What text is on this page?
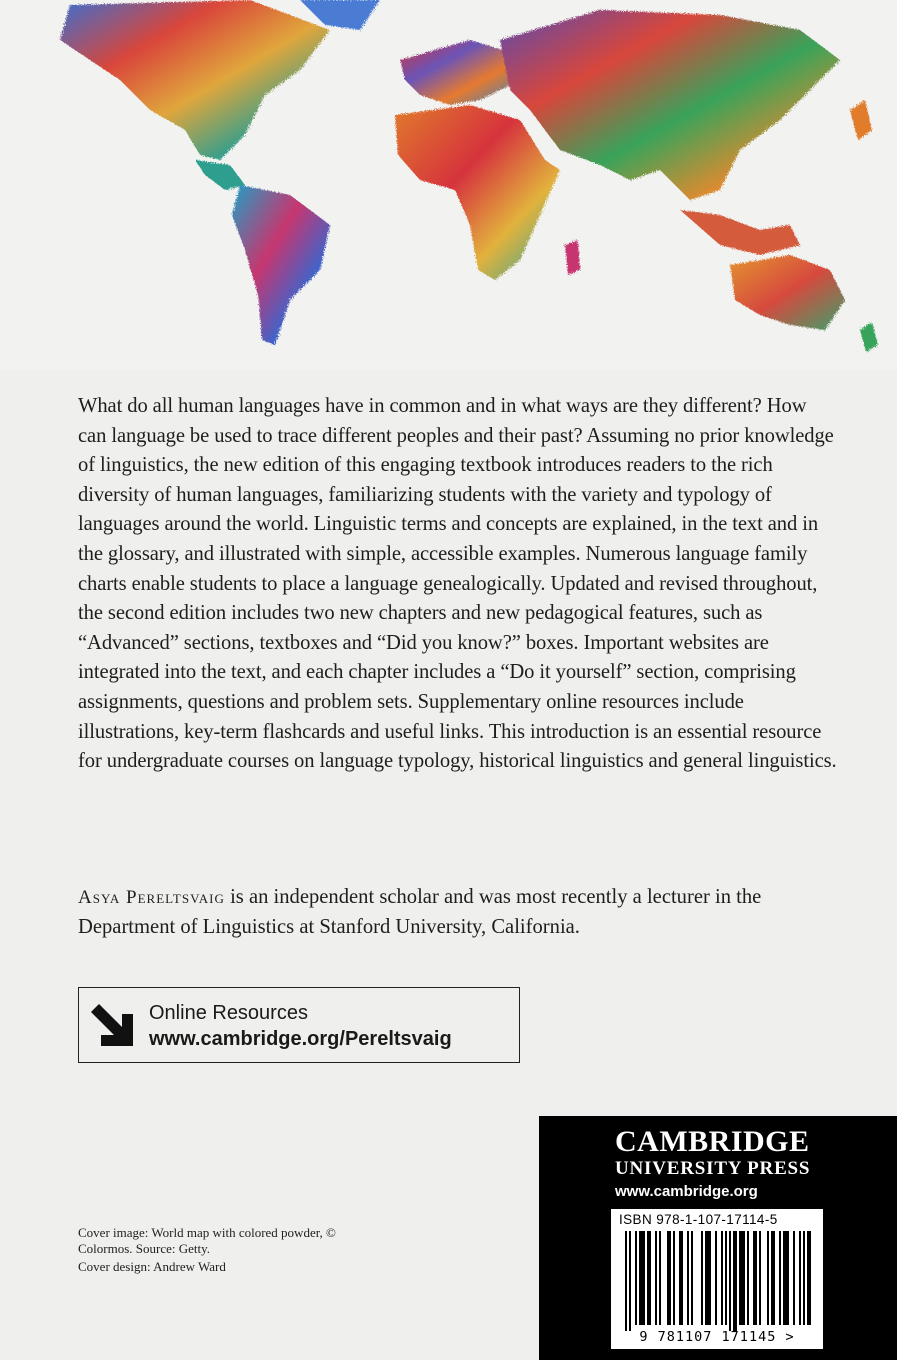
What do all human languages have in common and in what ways are they different? How can language be used to trace different peoples and their past? Assuming no prior knowledge of linguistics, the new edition of this engaging textbook introduces readers to the rich diversity of human languages, familiarizing students with the variety and typology of languages around the world. Linguistic terms and concepts are explained, in the text and in the glossary, and illustrated with simple, accessible examples. Numerous language family charts enable students to place a language genealogically. Updated and revised throughout, the second edition includes two new chapters and new pedagogical features, such as “Advanced” sections, textboxes and “Did you know?” boxes. Important websites are integrated into the text, and each chapter includes a “Do it yourself” section, comprising assignments, questions and problem sets. Supplementary online resources include illustrations, key-term flashcards and useful links. This introduction is an essential resource for undergraduate courses on language typology, historical linguistics and general linguistics.

Asya Pereltsvaig is an independent scholar and was most recently a lecturer in the Department of Linguistics at Stanford University, California.

Online Resources
www.cambridge.org/Pereltsvaig

Cover image: World map with colored powder, © Colormos. Source: Getty.

Cover design: Andrew Ward

CAMBRIDGE
UNIVERSITY PRESS
www.cambridge.org
ISBN 978-1-107-17114-5
9 781107 171145 >
